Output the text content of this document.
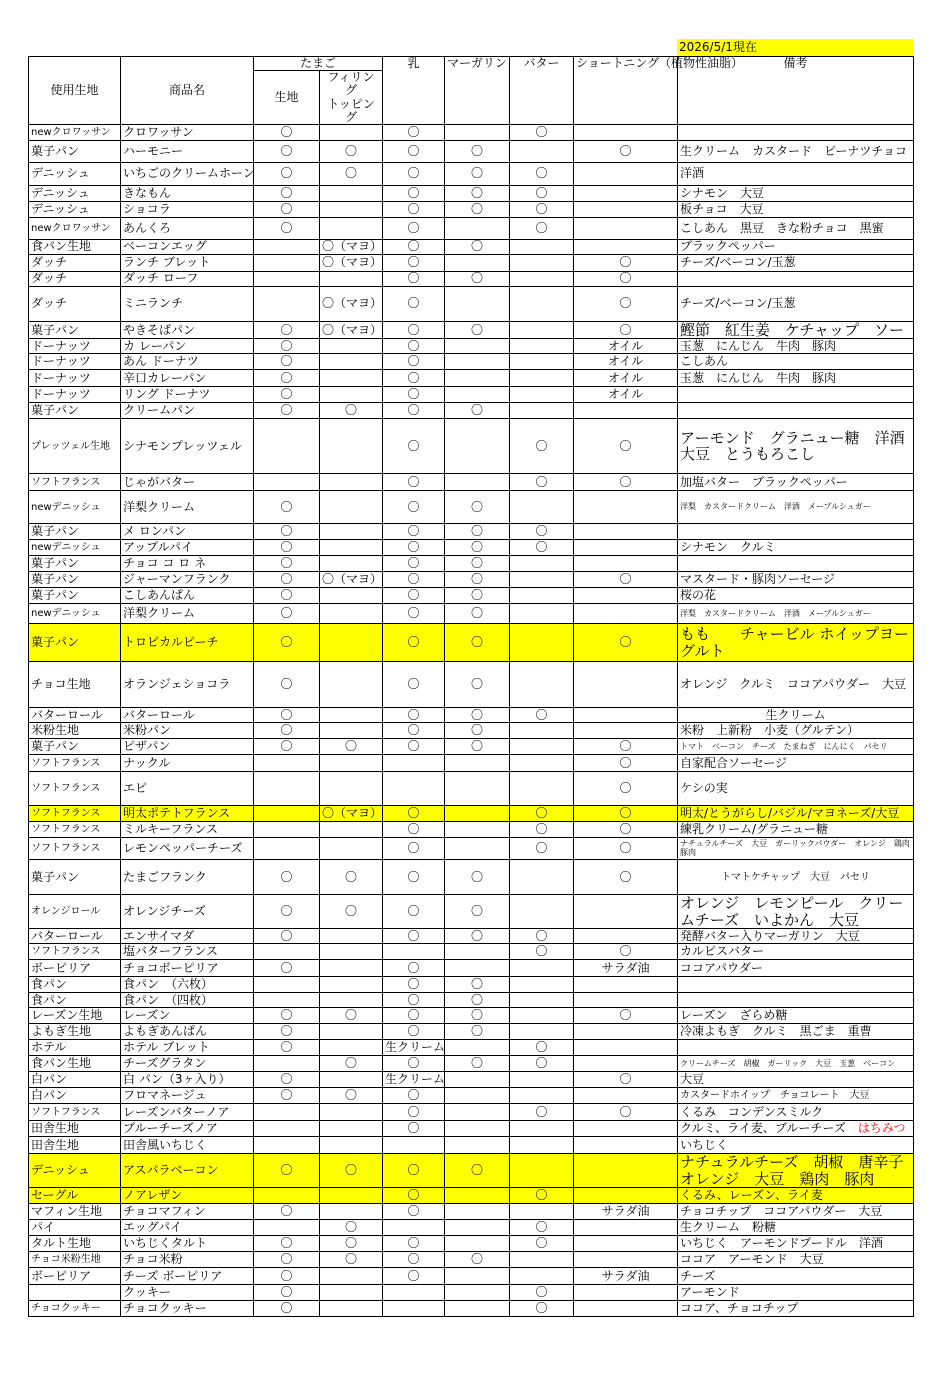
2026/5/1現在
使用生地	商品名	たまご		乳	マーガリン	バター	ショートニング（植物性油脂）	備考
		生地	フィリング
トッピング					
newクロワッサン	クロワッサン	〇		〇		〇		
菓子パン	ハーモニー	〇	〇	〇	〇		〇	生クリーム　カスタード　ピーナツチョコ
デニッシュ	いちごのクリームホーン	〇	〇	〇	〇	〇		洋酒
デニッシュ	きなもん	〇		〇	〇	〇		シナモン　大豆
デニッシュ	ショコラ	〇		〇	〇	〇		板チョコ　大豆
newクロワッサン	あんくろ	〇		〇		〇		こしあん　黒豆　きな粉チョコ　黒蜜
食パン生地	ベーコンエッグ		〇（マヨ）	〇	〇			ブラックペッパー
ダッチ	ランチ ブレット		〇（マヨ）	〇			〇	チーズ/ベーコン/玉葱
ダッチ	ダッチ ローフ			〇	〇		〇	
ダッチ	ミニランチ		〇（マヨ）	〇			〇	チーズ/ベーコン/玉葱
菓子パン	やきそばパン	〇	〇（マヨ）	〇	〇		〇	鰹節　紅生姜　ケチャップ　ソー
ドーナッツ	カ レーパン	〇		〇			オイル	玉葱　にんじん　牛肉　豚肉
ドーナッツ	あん ドーナツ	〇		〇			オイル	こしあん
ドーナッツ	辛口カレーパン	〇		〇			オイル	玉葱　にんじん　牛肉　豚肉
ドーナッツ	リング ドーナツ	〇		〇			オイル	
菓子パン	クリームパン	〇	〇	〇	〇			
プレッツェル生地	シナモンプレッツェル			〇		〇	〇	アーモンド　グラニュー糖　洋酒　大豆　とうもろこし
ソフトフランス	じゃがバター			〇		〇	〇	加塩バター　ブラックペッパー
newデニッシュ	洋梨クリーム	〇		〇	〇			洋梨　カスタードクリーム　洋酒　メープルシュガー
菓子パン	メ ロンパン	〇		〇	〇	〇		
newデニッシュ	アップルパイ	〇		〇	〇	〇		シナモン　クルミ
菓子パン	チョコ コ ロ ネ	〇		〇	〇			
菓子パン	ジャーマンフランク	〇	〇（マヨ）	〇	〇		〇	マスタード・豚肉ソーセージ
菓子パン	こしあんぱん	〇		〇	〇			桜の花
newデニッシュ	洋梨クリーム	〇		〇	〇			洋梨　カスタードクリーム　洋酒　メープルシュガー
菓子パン	トロピカルピーチ	〇		〇	〇		〇	もも　　チャービル ホイップヨーグルト
チョコ生地	オランジェショコラ	〇		〇	〇			オレンジ　クルミ　ココアパウダー　大豆
バターロール	バターロール	〇		〇	〇	〇		生クリーム
米粉生地	米粉パン	〇		〇	〇			米粉　上新粉　小麦（グルテン）
菓子パン	ピザパン	〇	〇	〇	〇		〇	トマト　ベーコン　チーズ　たまねぎ　にんにく　パセリ
ソフトフランス	ナックル						〇	自家配合ソーセージ
ソフトフランス	エピ						〇	ケシの実
ソフトフランス	明太ポテトフランス		〇（マヨ）	〇		〇	〇	明太/とうがらし/バジル/マヨネーズ/大豆
ソフトフランス	ミルキーフランス			〇		〇	〇	練乳クリーム/グラニュー糖
ソフトフランス	レモンペッパーチーズ			〇		〇	〇	ナチュラルチーズ　大豆　ガーリックパウダー　オレンジ　鶏肉　豚肉
菓子パン	たまごフランク	〇	〇	〇	〇		〇	トマトケチャップ　大豆　パセリ
オレンジロール	オレンジチーズ	〇	〇	〇	〇			オレンジ　レモンピール　クリームチーズ　いよかん　大豆
バターロール	エンサイマダ	〇		〇	〇	〇		発酵バター入りマーガリン　大豆
ソフトフランス	塩バターフランス					〇	〇	カルピスバター
ボーピリア	チョコボーピリア	〇		〇			サラダ油	ココアパウダー
食パン	食パン　（六枚）			〇	〇			
食パン	食パン　（四枚）			〇	〇			
レーズン生地	レーズン	〇	〇	〇	〇		〇	レーズン　ざらめ糖
よもぎ生地	よもぎあんぱん	〇		〇	〇			冷凍よもぎ　クルミ　黒ごま　重曹
ホテル	ホテル ブレット	〇		生クリーム		〇		
食パン生地	チーズグラタン		〇	〇	〇	〇		クリームチーズ　胡椒　ガーリック　大豆　玉葱　ベーコン
白パン	白 パン（3ヶ入り）	〇		生クリーム			〇	大豆
白パン	フロマネージュ	〇	〇	〇				カスタードホイップ　チョコレート　大豆
ソフトフランス	レーズンバターノア			〇		〇	〇	くるみ　コンデンスミルク
田舎生地	ブルーチーズノア			〇				クルミ、ライ麦、ブルーチーズ　 はちみつ
田舎生地	田舎風いちじく							いちじく
デニッシュ	アスパラベーコン	〇	〇	〇	〇			ナチュラルチーズ　胡椒　唐辛子　オレンジ　大豆　鶏肉　豚肉
セーグル	ノアレザン			〇		〇		くるみ、レーズン、ライ麦
マフィン生地	チョコマフィン	〇		〇			サラダ油	チョコチップ　ココアパウダー　大豆
パイ	エッグパイ		〇			〇		生クリーム　粉糖
タルト生地	いちじくタルト	〇	〇	〇		〇		いちじく　アーモンドプードル　洋酒
チョコ米粉生地	チョコ米粉	〇	〇	〇	〇			ココア　アーモンド　大豆
ボーピリア	チーズ ボーピリア	〇		〇			サラダ油	チーズ
	クッキー	〇				〇		アーモンド
チョコクッキー	チョコクッキー	〇				〇		ココア、チョコチップ
